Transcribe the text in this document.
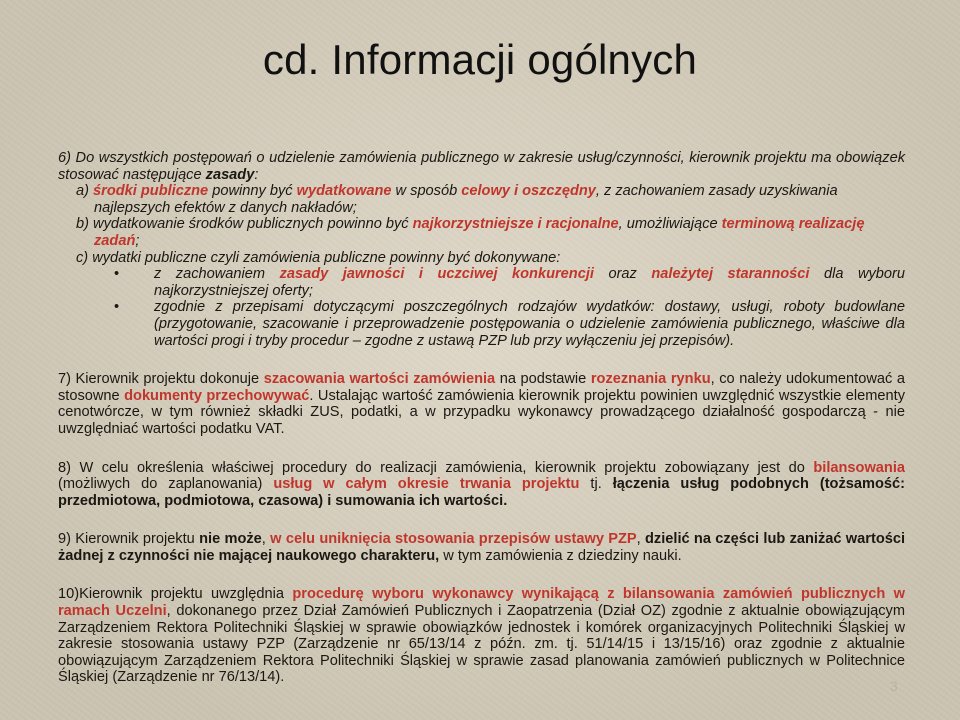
cd. Informacji ogólnych

6) Do wszystkich postępowań o udzielenie zamówienia publicznego w zakresie usług/czynności, kierownik projektu ma obowiązek stosować następujące zasady:

a) środki publiczne powinny być wydatkowane w sposób celowy i oszczędny, z zachowaniem zasady uzyskiwania najlepszych efektów z danych nakładów;

b) wydatkowanie środków publicznych powinno być najkorzystniejsze i racjonalne, umożliwiające terminową realizację zadań;

c) wydatki publiczne czyli zamówienia publiczne powinny być dokonywane:

• z zachowaniem zasady jawności i uczciwej konkurencji oraz należytej staranności dla wyboru najkorzystniejszej oferty;

• zgodnie z przepisami dotyczącymi poszczególnych rodzajów wydatków: dostawy, usługi, roboty budowlane (przygotowanie, szacowanie i przeprowadzenie postępowania o udzielenie zamówienia publicznego, właściwe dla wartości progi i tryby procedur – zgodne z ustawą PZP lub przy wyłączeniu jej przepisów).

7) Kierownik projektu dokonuje szacowania wartości zamówienia na podstawie rozeznania rynku, co należy udokumentować a stosowne dokumenty przechowywać. Ustalając wartość zamówienia kierownik projektu powinien uwzględnić wszystkie elementy cenotwórcze, w tym również składki ZUS, podatki, a w przypadku wykonawcy prowadzącego działalność gospodarczą - nie uwzględniać wartości podatku VAT.

8) W celu określenia właściwej procedury do realizacji zamówienia, kierownik projektu zobowiązany jest do bilansowania (możliwych do zaplanowania) usług w całym okresie trwania projektu tj. łączenia usług podobnych (tożsamość: przedmiotowa, podmiotowa, czasowa) i sumowania ich wartości.

9) Kierownik projektu nie może, w celu uniknięcia stosowania przepisów ustawy PZP, dzielić na części lub zaniżać wartości żadnej z czynności nie mającej naukowego charakteru, w tym zamówienia z dziedziny nauki.

10)Kierownik projektu uwzględnia procedurę wyboru wykonawcy wynikającą z bilansowania zamówień publicznych w ramach Uczelni, dokonanego przez Dział Zamówień Publicznych i Zaopatrzenia (Dział OZ) zgodnie z aktualnie obowiązującym Zarządzeniem Rektora Politechniki Śląskiej w sprawie obowiązków jednostek i komórek organizacyjnych Politechniki Śląskiej w zakresie stosowania ustawy PZP (Zarządzenie nr 65/13/14 z późn. zm. tj. 51/14/15 i 13/15/16) oraz zgodnie z aktualnie obowiązującym Zarządzeniem Rektora Politechniki Śląskiej w sprawie zasad planowania zamówień publicznych w Politechnice Śląskiej (Zarządzenie nr 76/13/14).

3
